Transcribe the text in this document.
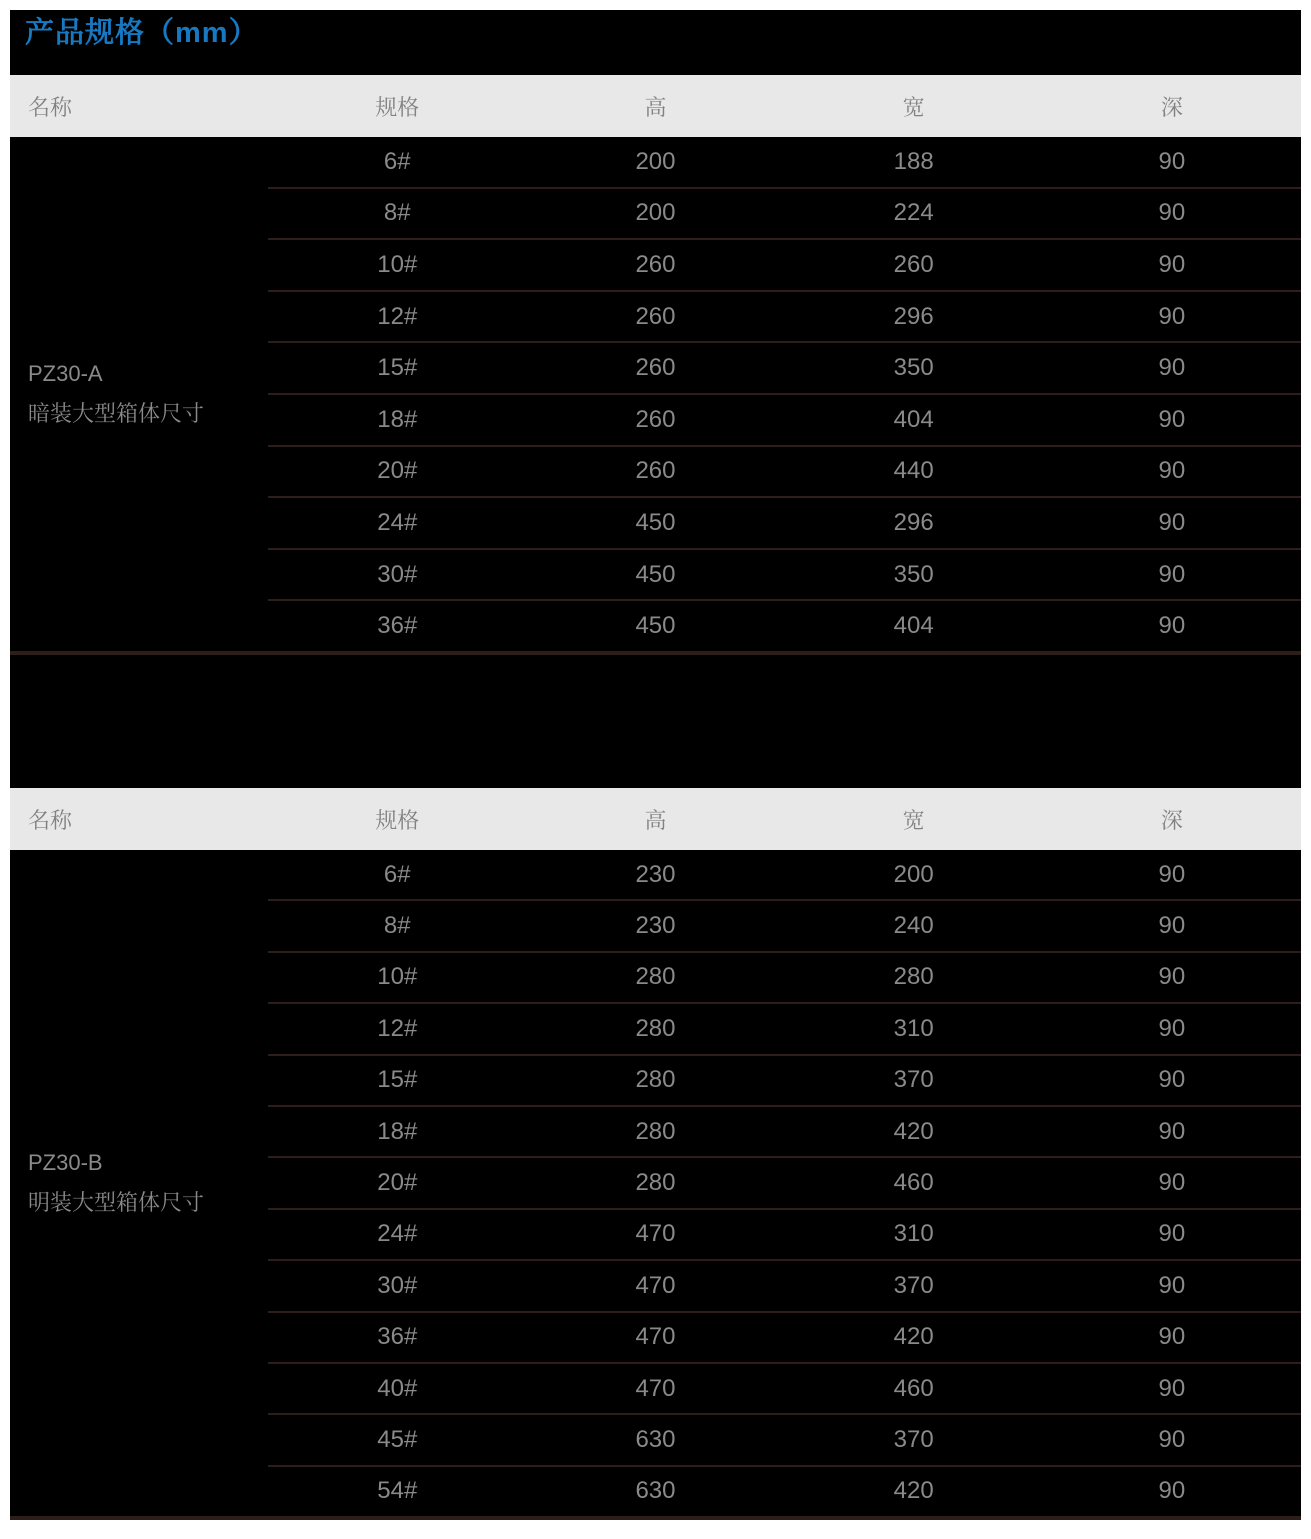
产品规格（mm）
名称	规格	高	宽	深
PZ30-A
暗装大型箱体尺寸
6#	200	188	90
8#	200	224	90
10#	260	260	90
12#	260	296	90
15#	260	350	90
18#	260	404	90
20#	260	440	90
24#	450	296	90
30#	450	350	90
36#	450	404	90
名称	规格	高	宽	深
PZ30-B
明装大型箱体尺寸
6#	230	200	90
8#	230	240	90
10#	280	280	90
12#	280	310	90
15#	280	370	90
18#	280	420	90
20#	280	460	90
24#	470	310	90
30#	470	370	90
36#	470	420	90
40#	470	460	90
45#	630	370	90
54#	630	420	90
